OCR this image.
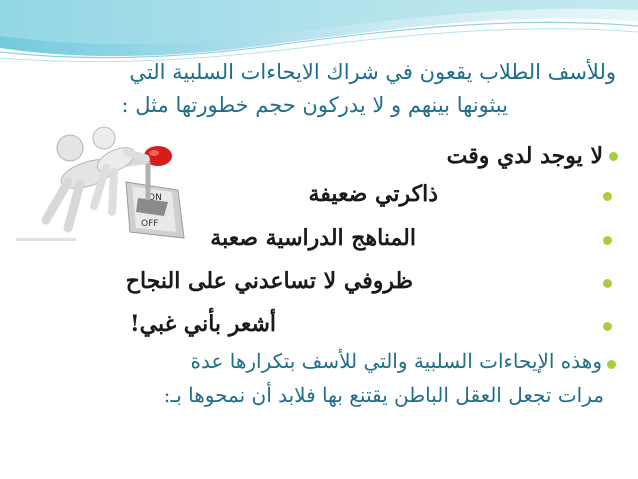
وللأسف الطلاب يقعون في شراك الايحاءات السلبية التي
يبثونها بينهم و لا يدركون حجم خطورتها مثل :
ON
OFF
لا يوجد لدي وقت
ذاكرتي ضعيفة
المناهج الدراسية صعبة
ظروفي لا تساعدني على النجاح
أشعر بأني غبي!
وهذه الإيحاءات السلبية والتي للأسف بتكرارها عدة
مرات تجعل العقل الباطن يقتنع بها فلابد أن نمحوها بـ:
